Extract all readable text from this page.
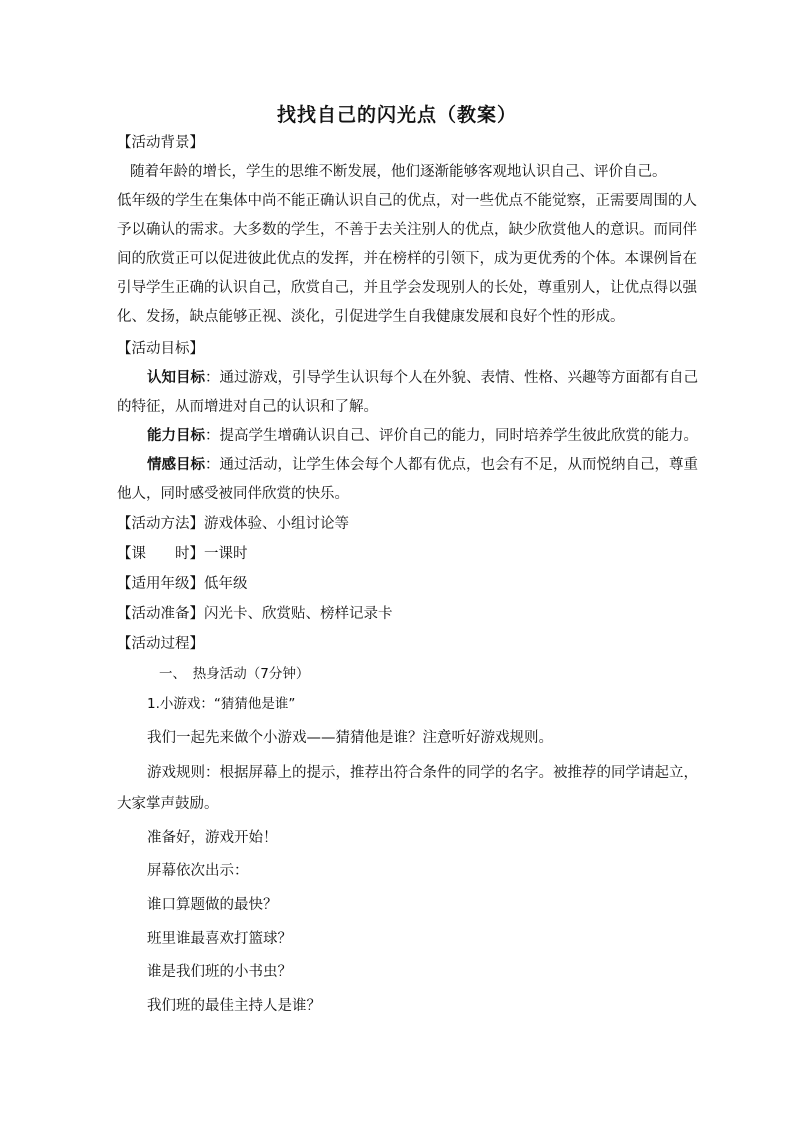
找找自己的闪光点（教案）
【活动背景】
随着年龄的增长，学生的思维不断发展，他们逐渐能够客观地认识自己、评价自己。
低年级的学生在集体中尚不能正确认识自己的优点，对一些优点不能觉察，正需要周围的人
予以确认的需求。大多数的学生，不善于去关注别人的优点，缺少欣赏他人的意识。而同伴
间的欣赏正可以促进彼此优点的发挥，并在榜样的引领下，成为更优秀的个体。本课例旨在
引导学生正确的认识自己，欣赏自己，并且学会发现别人的长处，尊重别人，让优点得以强
化、发扬，缺点能够正视、淡化，引促进学生自我健康发展和良好个性的形成。
【活动目标】
认知目标：通过游戏，引导学生认识每个人在外貌、表情、性格、兴趣等方面都有自己
的特征，从而增进对自己的认识和了解。
能力目标：提高学生增确认识自己、评价自己的能力，同时培养学生彼此欣赏的能力。
情感目标：通过活动，让学生体会每个人都有优点，也会有不足，从而悦纳自己，尊重
他人，同时感受被同伴欣赏的快乐。
【活动方法】游戏体验、小组讨论等
【课　　时】一课时
【适用年级】低年级
【活动准备】闪光卡、欣赏贴、榜样记录卡
【活动过程】
一、　热身活动（7分钟）
1.小游戏：“猜猜他是谁”
我们一起先来做个小游戏——猜猜他是谁？注意听好游戏规则。
游戏规则：根据屏幕上的提示，推荐出符合条件的同学的名字。被推荐的同学请起立，
大家掌声鼓励。
准备好，游戏开始！
屏幕依次出示：
谁口算题做的最快？
班里谁最喜欢打篮球？
谁是我们班的小书虫？
我们班的最佳主持人是谁？
